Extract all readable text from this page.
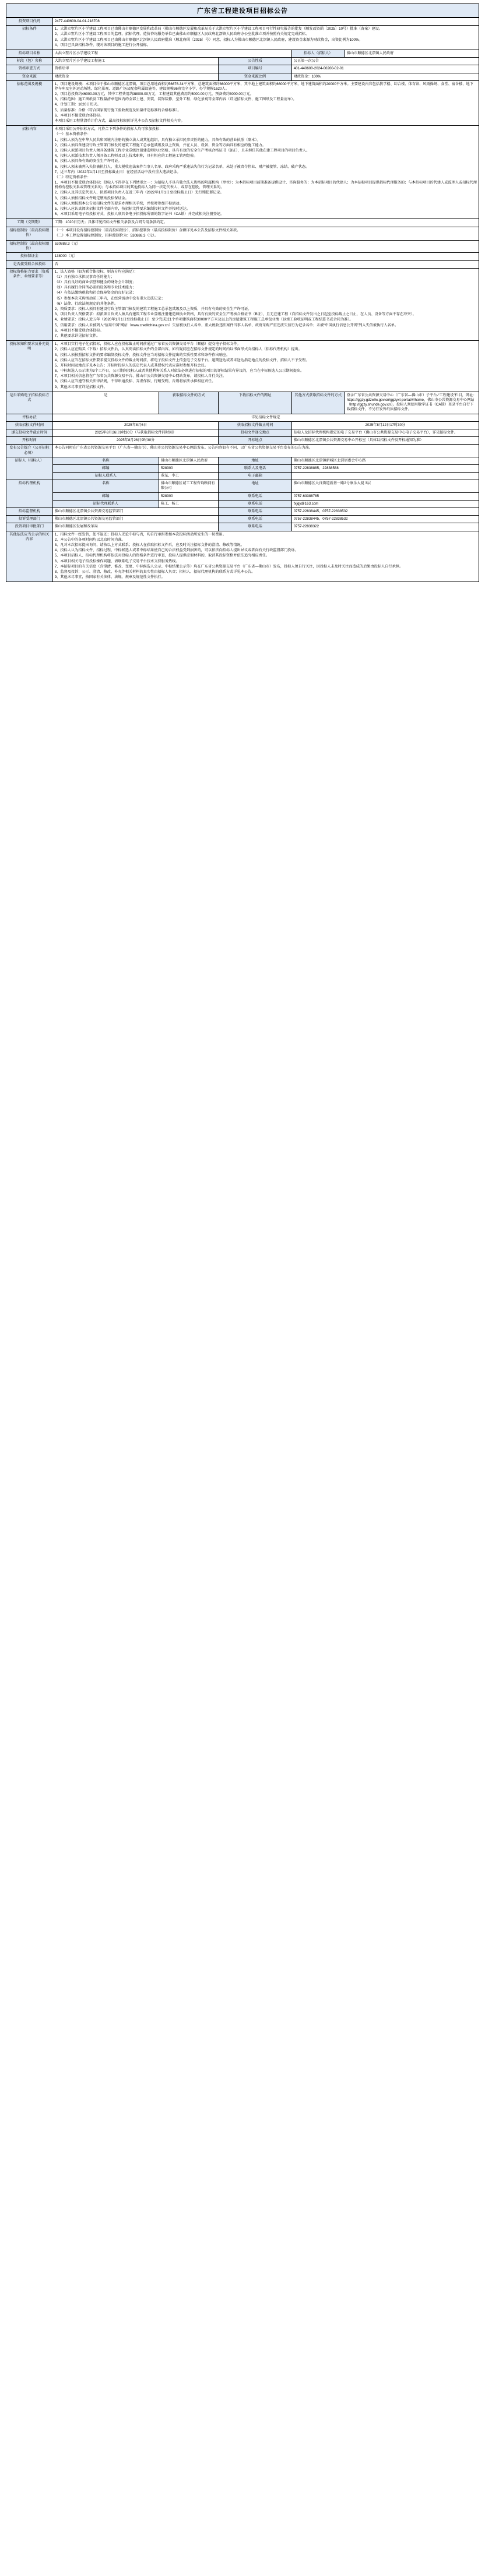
广东省工程建设项目招标公告
投资项目代码	2477-440600-04-01-218708				
招标条件	1、大洪立墅片区小学建设工程项目已由佛山市顺德区发展和改革局（佛山市顺德区发展和改革局关于大洪立墅片区小学建设工程项目可行性研究报告的批复（顺发改资函〔2025〕10号）批准（备案）建设。
2、大洪立墅片区小学建设工程项目的监理、招标代理、造价咨询服务单位已由佛山市顺德区人民政府北滘镇人民政府办公室批准立项并按照有关规定完成招标。
3、大洪立墅片区小学建设工程项目已由佛山市顺德区北滘镇人民政府批准（顺北府函〔2025〕号）同意，招标人为佛山市顺德区北滘镇人民政府，建设资金来源为财政资金，出资比例为100%。
4、项目已具备招标条件，现对该项目的施工进行公开招标。				

招标项目名称	大洪立墅片区小学建设工程			招标人（招标人）	佛山市顺德区北滘镇人民政府
标段（包）名称	大洪立墅片区小学建设工程施工		公告性质	公正第一次公告	
资格审查方式	资格后审		项目编号	401-440600-2024-00200-02-01	
资金来源	财政资金		资金来源比例	财政资金：100%	
招标范围及规模	1、项目建设规模：本项目位于佛山市顺德区北滘镇，项目总用地面积约56676.34平方米，总建筑面积约86000平方米，其中地上建筑面积约66000平方米，地下建筑面积约20000平方米。主要建设内容包括教学楼、综合楼、体育馆、风雨操场、食堂、宿舍楼、地下停车库及室外运动场地、绿化景观、道路广场及配套附属设施等，建设规模36班完全小学，办学规模1620人。
2、项目总投资约46000.00万元，其中工程费用约38000.00万元，工程建设其他费用约5000.00万元，预备费约3000.00万元。
3、招标范围：施工图纸及工程量清单范围内的全部土建、安装、装饰装修、室外工程、绿化景观等全部内容（详见招标文件、施工图纸及工程量清单）。
4、计划工期：1020日历天。
5、质量标准：合格（符合国家现行施工验收规范及质量评定标准的合格标准）。
6、本项目不接受联合体投标。
本项目采用工程量清单计价方式，最高投标限价详见本公告及招标文件相关内容。

招标内容	本项目采用公开招标方式，凡符合下列条件的投标人均可参加投标：
（一）基本资格条件：
1、投标人须为在中华人民共和国境内注册的独立法人或其他组织，具有独立承担民事责任的能力，具备有效的营业执照（副本）。
2、投标人须具备建设行政主管部门核发的建筑工程施工总承包贰级及以上资质，并在人员、设备、资金等方面具有相应的施工能力。
3、投标人拟派项目负责人须具备建筑工程专业壹级注册建造师执业资格、具有有效的安全生产考核合格证书（B证），且未担任其他在建工程项目的项目负责人。
4、投标人拟派技术负责人须具备工程师及以上技术职称，具有相应的工程施工管理经验。
5、投标人须具备有效的安全生产许可证。
6、投标人须未被列入失信被执行人、重大税收违法案件当事人名单、政府采购严重违法失信行为记录名单，未处于被责令停业、财产被接管、冻结、破产状态。
7、近三年内（2022年1月1日至投标截止日）在经营活动中没有重大违法记录。
（二）特定资格条件：
1、本项目不接受联合体投标；投标人不得存在下列情形之一：为招标人不具有独立法人资格的附属机构（单位）；为本招标项目前期准备提供设计、咨询服务的；为本招标项目的代建人；为本招标项目提供招标代理服务的；与本招标项目的代建人或监理人或招标代理机构有控股关系或管理关系的；与本招标项目的其他投标人为同一法定代表人、或存在控股、管理关系的。
2、投标人及其法定代表人、拟派项目负责人在近三年内（2022年1月1日至投标截止日）无行贿犯罪记录。
3、投标人须按招标文件规定缴纳投标保证金。
4、投标人须按照本公告及招标文件的要求办理相关手续，并按时参加开标活动。
5、投标人应认真阅读招标文件全部内容，按招标文件要求编制投标文件并按时送达。
6、本项目采用电子招投标方式，投标人须具备电子招投标所需的数字证书（CA锁）并完成相关注册登记。

工期（交期期）	工期：1020日历天；具体详见招标文件相关条款及合同专用条款约定。				
招标控制价（最高投标限价）	（一）本项目设有招标控制价（最高投标限价），招标控制价（最高投标限价）金额详见本公告及招标文件相关条款。
（二）本工程设置招标控制价，招标控制价为：530888.3（元）。				

招标控制价（最高投标限价）	530888.3（元）				
投标保证金	138000（元）				
是否接受联合体投标	否				
投标资格能力要求（资质条件、业绩要求等）	
1、法人资格（如为联合体投标，则各方均应满足）：
（1）具有独立承担民事责任的能力；
（2）具有良好的商业信誉和健全的财务会计制度；
（3）具有履行合同所必需的设备和专业技术能力；
（4）有依法缴纳税收和社会保障资金的良好记录；
（5）参加本次采购活动前三年内，在经营活动中没有重大违法记录；
（6）法律、行政法规规定的其他条件。
2、资质要求：投标人须具有建设行政主管部门核发的建筑工程施工总承包贰级及以上资质，并具有有效的安全生产许可证。
3、项目负责人资格要求：拟派项目负责人须具有建筑工程专业壹级注册建造师执业资格，具有有效的安全生产考核合格证书（B证），且无在建工程（自招标文件发出之日起至投标截止之日止，在人员、设备等方面不存在冲突）。
4、业绩要求：投标人近五年（2020年1月1日至投标截止日）至少完成过1个单项建筑面积30000平方米及以上的房屋建筑工程施工总承包业绩（以竣工验收证明或工程结算书或合同为准）。
5、信用要求：投标人未被列入“信用中国”网站（www.creditchina.gov.cn）失信被执行人名单、重大税收违法案件当事人名单、政府采购严重违法失信行为记录名单；未被“中国执行信息公开网”列入失信被执行人名单。
6、本项目不接受联合体投标。
7、其他要求详见招标文件。

投标须知和要求及补充说明	
1、本项目实行电子化招投标，投标人应在投标截止时间前通过广东省公共资源交易平台（顺德）提交电子投标文件。
2、投标人应在购买（下载）招标文件后，认真阅读招标文件的全部内容，如有疑问应在招标文件规定的时间内以书面形式向招标人（招标代理机构）提出。
3、投标人须按照招标文件的要求编制投标文件，投标文件应当对招标文件提出的实质性要求和条件作出响应。
4、投标人应当在招标文件要求提交投标文件的截止时间前，将电子投标文件上传至电子交易平台。逾期送达或者未送达指定地点的投标文件，招标人不予受理。
5、开标时间及地点详见本公告；开标时投标人的法定代表人或其授权代表应准时参加开标会议。
6、中标候选人公示期为3个工作日，公示期间投标人或者其他利害关系人对依法必须进行招标的项目的评标结果有异议的，应当在中标候选人公示期间提出。
7、本项目相关信息将在广东省公共资源交易平台、佛山市公共资源交易中心网站发布，请投标人自行关注。
8、投标人应当遵守相关法律法规，不得串通投标、弄虚作假、行贿受贿，否则将依法承担相应责任。
9、其他未尽事宜详见招标文件。

是否采购电子招标投标方式	是	获取招标文件的方式	下载招标文件的网址	其他方式获取招标文件的方式	登录广东省公共资源交易中心（广东省—佛山市）子平台-“工程建设”栏目，网址：https://ggzy.gdzwfw.gov.cn/ggzyxt-portal/#/home，佛山市公共资源交易中心网站（http://ggzy.shunde.gov.cn）。投标人须使用数字证书（CA锁）登录平台自行下载招标文件，不另行发售纸质招标文件。
评标办法	详见招标文件规定				
获取招标文件时间	2025年8月6日		获取招标文件截止时间	2025年8月12日17时30分	
递交投标文件截止时间	2025年8月26日9时30分（与获取招标文件同时间）		投标文件递交地点	招标人及招标代理机构指定的电子交易平台（佛山市公共资源交易中心电子交易平台），详见招标文件。	
开标时间	2025年8月26日9时30分		开标地点	佛山市顺德区北滘镇公共资源交易中心开标室（具体以招标文件及开标通知为准）	
发布公告媒介（公开招标必填）	本公告同时在广东省公共资源交易平台（广东省—佛山市）、佛山市公共资源交易中心网站发布。公告内容如有不同，以广东省公共资源交易平台发布的公告为准。				
招标人（招标人）	名称	佛山市顺德区北滘镇人民政府	地址	佛山市顺德区北滘镇新城区北滘居委会中心路	
	邮编	528300	联系人及电话	0757-22838885、22838588	
	招标人联系人	董某、李工	电子邮箱		
招标代理机构	名称	佛山市顺德区诚工工程咨询顾问有限公司	地址	佛山市顺德区大良街道新基一路2号康乐大厦 3层	
	邮编	528300	联系电话	0757-63388785	
	招标代理联系人	陈工、杨工	联系电话	fxjqy@163.com	
招标监督机构	佛山市顺德区北滘镇公共资源交易监管部门		联系电话	0757-22838445、0757-22838532	
投诉受理部门	佛山市顺德区北滘镇公共资源交易监管部门		联系电话	0757-22838445、0757-22838532	
投资项目审批部门	佛山市顺德区发展和改革局		联系电话	0757-22838322	
其他依法应当公示的相关内容	
1、招标文件一经发售，恕不退还；投标人无论中标与否，均自行承担参加本次投标活动所发生的一切费用。
2、本公告中的各项时间均以北京时间为准。
3、凡对本次招标提出询问，请按以上方式联系；投标人在获取招标文件后，应及时关注招标文件的澄清、修改等情况。
4、投标人认为招标文件、招标过程、中标候选人或者中标结果使自己的合法权益受到损害的，可以依法向招标人提出异议或者向有关行政监督部门投诉。
5、本项目招标人、招标代理机构将依法对投标人的资格条件进行审查，投标人提供虚假材料的，取消其投标资格并依法追究相应责任。
6、本项目相关电子招投标操作问题，请联系电子交易平台技术支持服务热线。
7、本招标项目的有关信息（含澄清、修改、变更、中标候选人公示、中标结果公示等）均在广东省公共资源交易平台（广东省—佛山市）发布，投标人须自行关注，因投标人未及时关注而造成的后果由投标人自行承担。
8、监督及投诉：公示、澄清、修改、补充等相关材料的真实性由招标人负责；招标人、招标代理机构的联系方式详见本公告。
9、其他未尽事宜，按国家有关法律、法规、规章及规范性文件执行。
